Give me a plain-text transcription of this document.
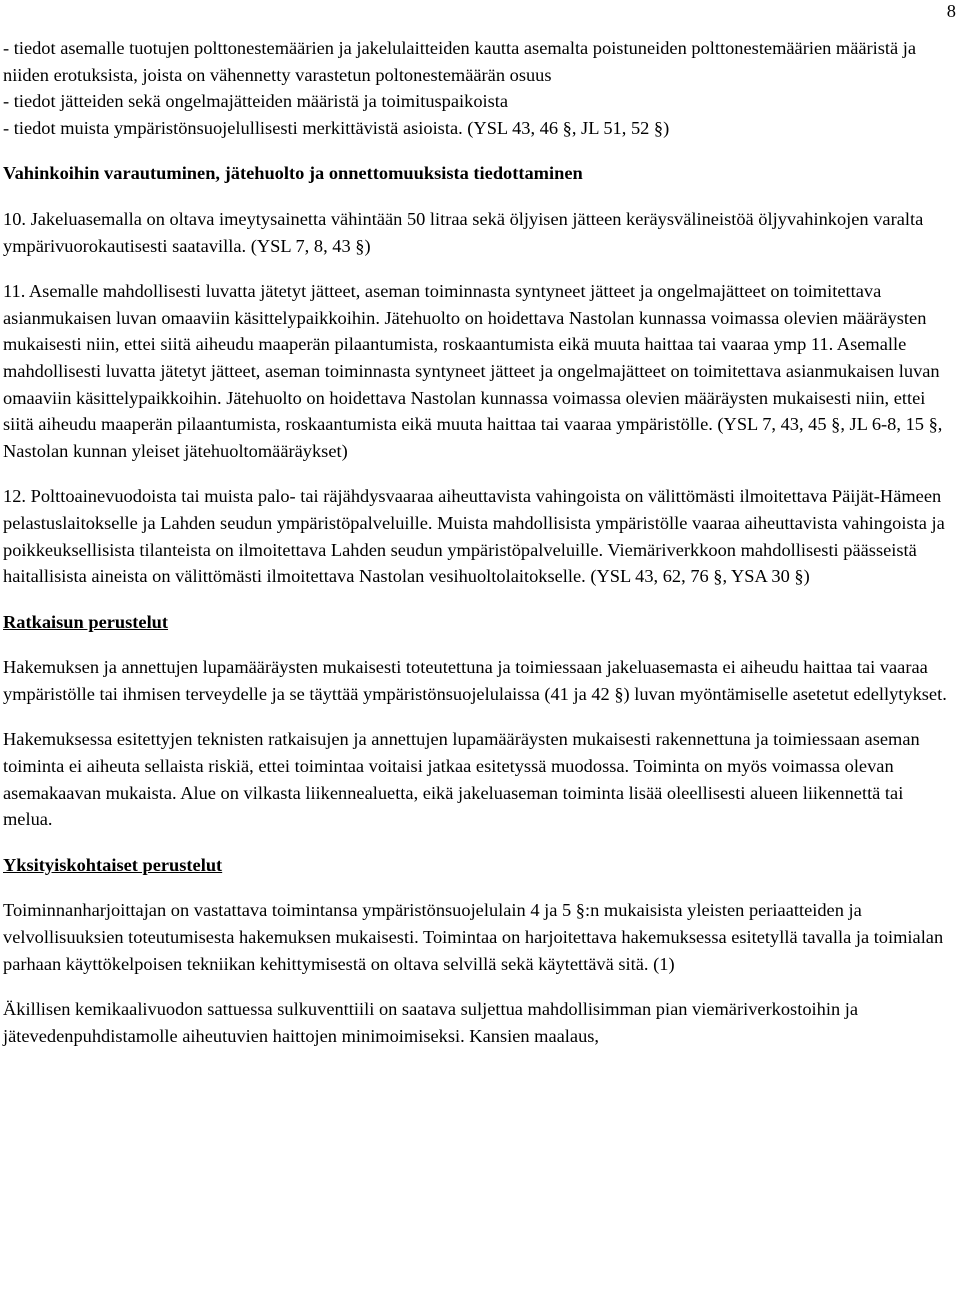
8

- tiedot asemalle tuotujen polttonestemäärien ja jakelulaitteiden kautta asemalta poistuneiden polttonestemäärien määristä ja niiden erotuksista, joista on vähennetty varastetun poltonestemäärän osuus

- tiedot jätteiden sekä ongelmajätteiden määristä ja toimituspaikoista

- tiedot muista ympäristönsuojelullisesti merkittävistä asioista. (YSL 43, 46 §, JL 51, 52 §)

Vahinkoihin varautuminen, jätehuolto ja onnettomuuksista tiedottaminen

10. Jakeluasemalla on oltava imeytysainetta vähintään 50 litraa sekä öljyisen jätteen keräysvälineistöä öljyvahinkojen varalta ympärivuorokautisesti saatavilla. (YSL 7, 8, 43 §)

11. Asemalle mahdollisesti luvatta jätetyt jätteet, aseman toiminnasta syntyneet jätteet ja ongelmajätteet on toimitettava asianmukaisen luvan omaaviin käsittelypaikkoihin. Jätehuolto on hoidettava Nastolan kunnassa voimassa olevien määräysten mukaisesti niin, ettei siitä aiheudu maaperän pilaantumista, roskaantumista eikä muuta haittaa tai vaaraa ymp 11. Asemalle mahdollisesti luvatta jätetyt jätteet, aseman toiminnasta syntyneet jätteet ja ongelmajätteet on toimitettava asianmukaisen luvan omaaviin käsittelypaikkoihin. Jätehuolto on hoidettava Nastolan kunnassa voimassa olevien määräysten mukaisesti niin, ettei siitä aiheudu maaperän pilaantumista, roskaantumista eikä muuta haittaa tai vaaraa ympäristölle. (YSL 7, 43, 45 §, JL 6-8, 15 §, Nastolan kunnan yleiset jätehuoltomääräykset)

12. Polttoainevuodoista tai muista palo- tai räjähdysvaaraa aiheuttavista vahingoista on välittömästi ilmoitettava Päijät-Hämeen pelastuslaitokselle ja Lahden seudun ympäristöpalveluille. Muista mahdollisista ympäristölle vaaraa aiheuttavista vahingoista ja poikkeuksellisista tilanteista on ilmoitettava Lahden seudun ympäristöpalveluille. Viemäriverkkoon mahdollisesti päässeistä haitallisista aineista on välittömästi ilmoitettava Nastolan vesihuoltolaitokselle. (YSL 43, 62, 76 §, YSA 30 §)

Ratkaisun perustelut

Hakemuksen ja annettujen lupamääräysten mukaisesti toteutettuna ja toimiessaan jakeluasemasta ei aiheudu haittaa tai vaaraa ympäristölle tai ihmisen terveydelle ja se täyttää ympäristönsuojelulaissa (41 ja 42 §) luvan myöntämiselle asetetut edellytykset.

Hakemuksessa esitettyjen teknisten ratkaisujen ja annettujen lupamääräysten mukaisesti rakennettuna ja toimiessaan aseman toiminta ei aiheuta sellaista riskiä, ettei toimintaa voitaisi jatkaa esitetyssä muodossa. Toiminta on myös voimassa olevan asemakaavan mukaista. Alue on vilkasta liikennealuetta, eikä jakeluaseman toiminta lisää oleellisesti alueen liikennettä tai melua.

Yksityiskohtaiset perustelut

Toiminnanharjoittajan on vastattava toimintansa ympäristönsuojelulain 4 ja 5 §:n mukaisista yleisten periaatteiden ja velvollisuuksien toteutumisesta hakemuksen mukaisesti. Toimintaa on harjoitettava hakemuksessa esitetyllä tavalla ja toimialan parhaan käyttökelpoisen tekniikan kehittymisestä on oltava selvillä sekä käytettävä sitä. (1)

Äkillisen kemikaalivuodon sattuessa sulkuventtiili on saatava suljettua mahdollisimman pian viemäriverkostoihin ja jätevedenpuhdistamolle aiheutuvien haittojen minimoimiseksi. Kansien maalaus,
